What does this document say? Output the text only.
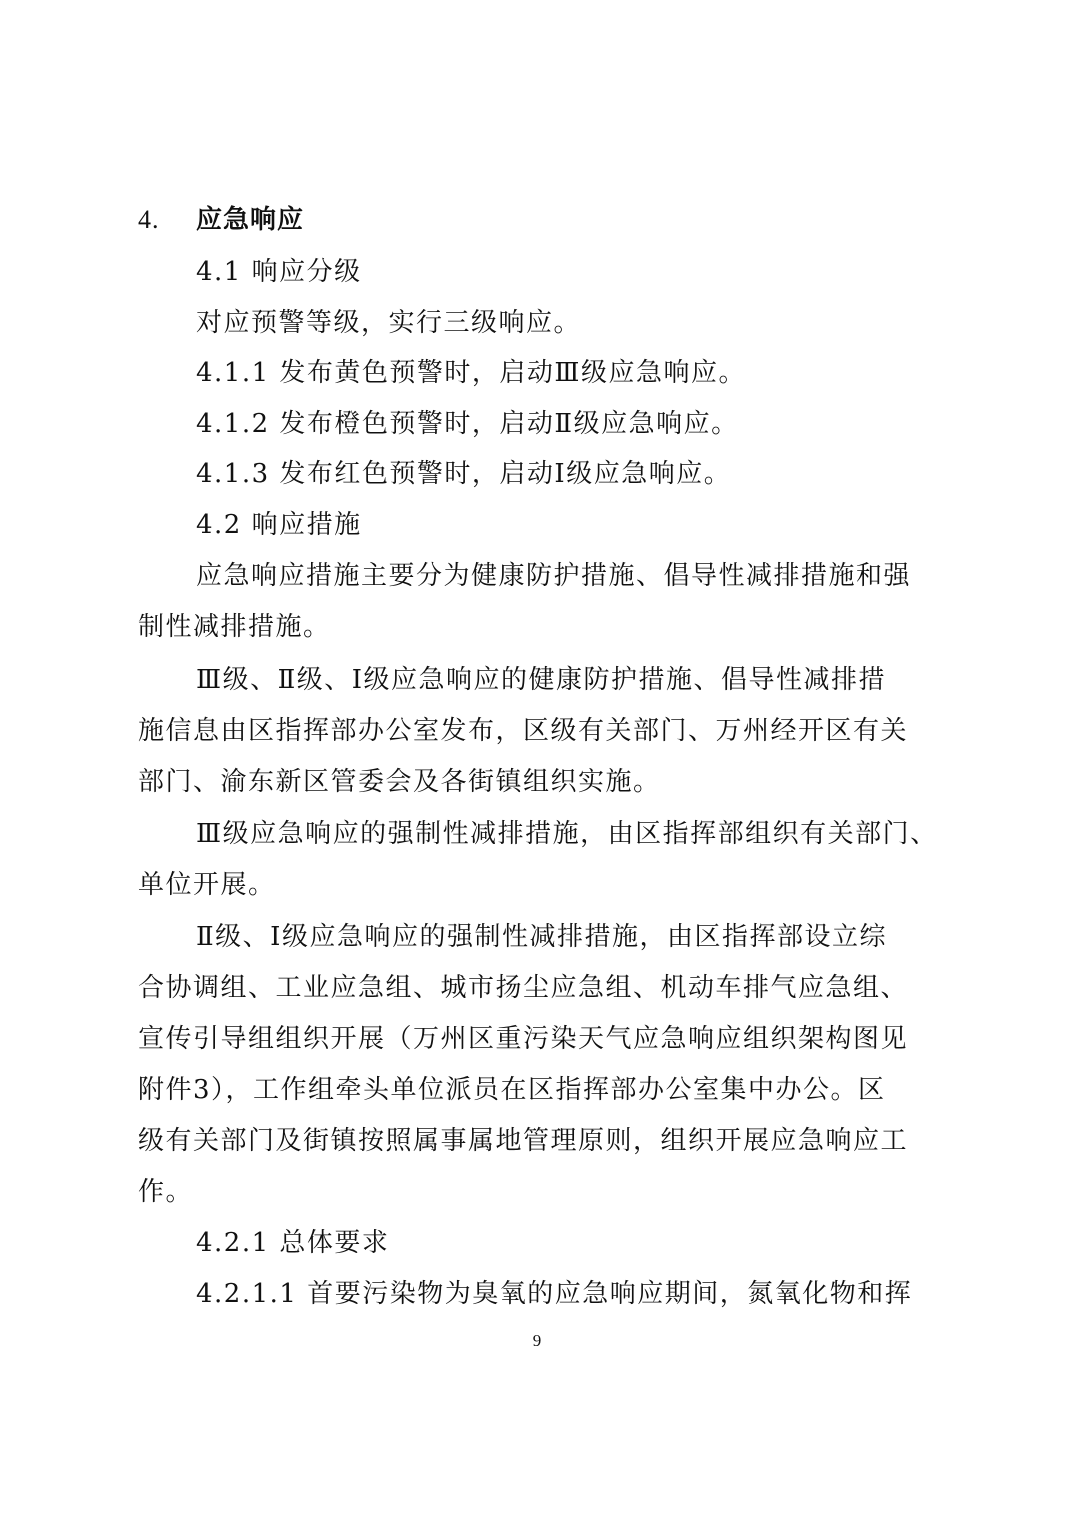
4. 应急响应
4.1 响应分级
对应预警等级，实行三级响应。
4.1.1 发布黄色预警时，启动Ⅲ级应急响应。
4.1.2 发布橙色预警时，启动Ⅱ级应急响应。
4.1.3 发布红色预警时，启动Ⅰ级应急响应。
4.2 响应措施
应急响应措施主要分为健康防护措施、倡导性减排措施和强
制性减排措施。
Ⅲ级、Ⅱ级、Ⅰ级应急响应的健康防护措施、倡导性减排措
施信息由区指挥部办公室发布，区级有关部门、万州经开区有关
部门、渝东新区管委会及各街镇组织实施。
Ⅲ级应急响应的强制性减排措施，由区指挥部组织有关部门、
单位开展。
Ⅱ级、Ⅰ级应急响应的强制性减排措施，由区指挥部设立综
合协调组、工业应急组、城市扬尘应急组、机动车排气应急组、
宣传引导组组织开展（万州区重污染天气应急响应组织架构图见
附件3），工作组牵头单位派员在区指挥部办公室集中办公。区
级有关部门及街镇按照属事属地管理原则，组织开展应急响应工
作。
4.2.1 总体要求
4.2.1.1 首要污染物为臭氧的应急响应期间，氮氧化物和挥
9
